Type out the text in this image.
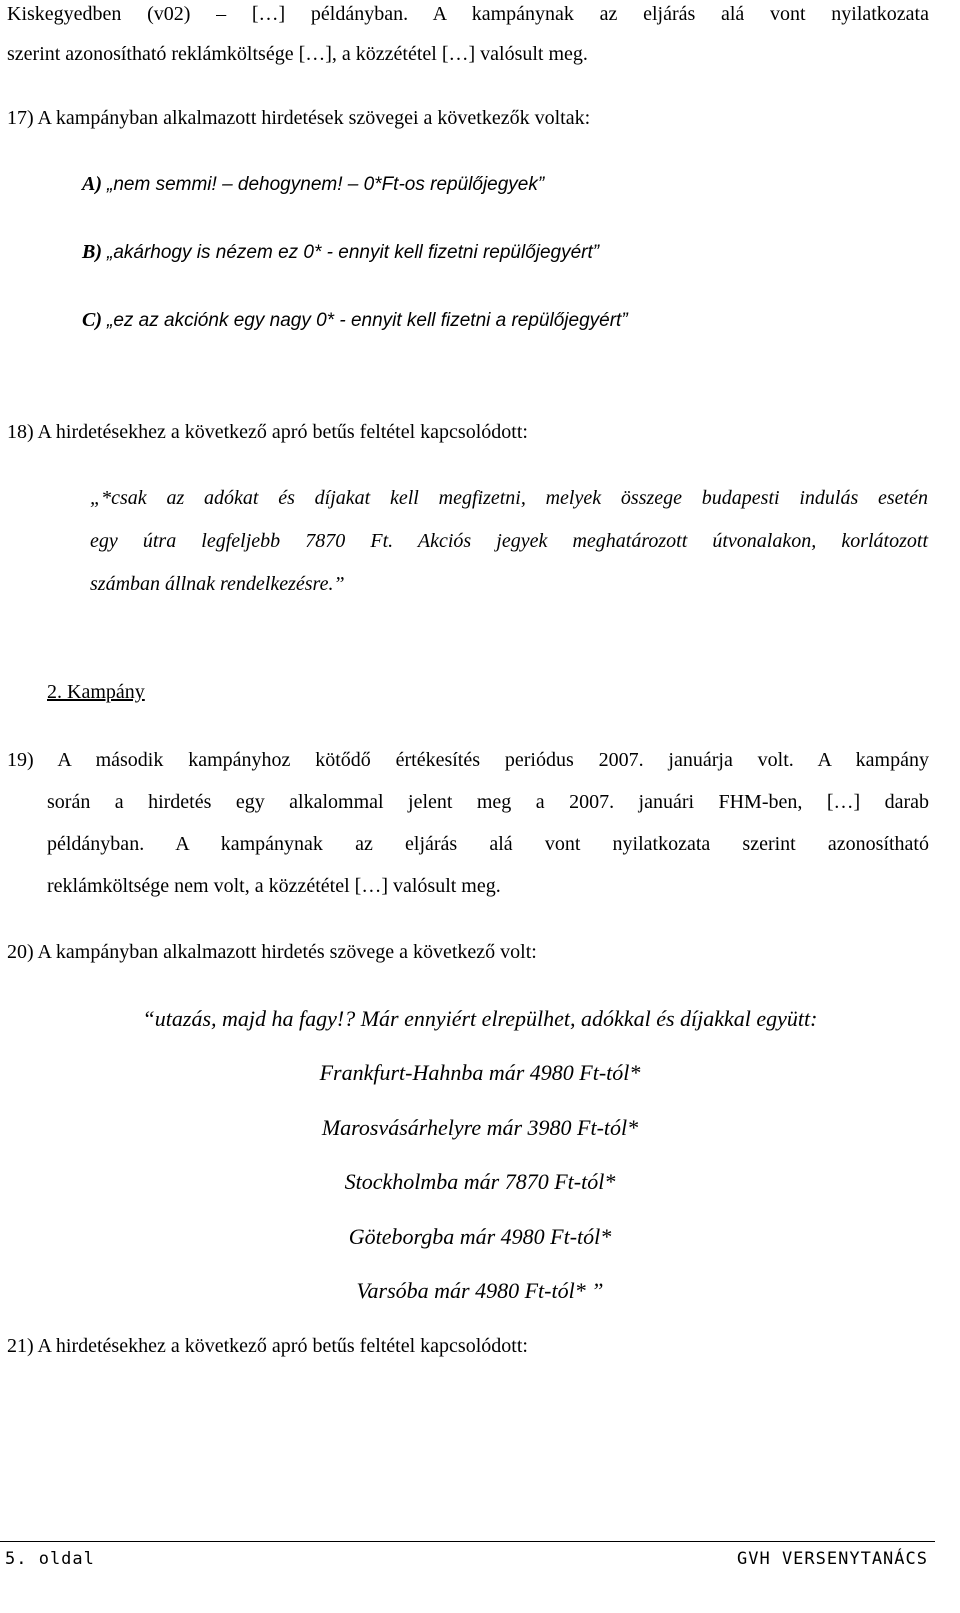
Kiskegyedben (v02) – […] példányban. A kampánynak az eljárás alá vont nyilatkozata
szerint azonosítható reklámköltsége […], a közzététel […] valósult meg.
17) A kampányban alkalmazott hirdetések szövegei a következők voltak:
A) „nem semmi! – dehogynem! – 0*Ft-os repülőjegyek”
B) „akárhogy is nézem ez 0* - ennyit kell fizetni repülőjegyért”
C) „ez az akciónk egy nagy 0* - ennyit kell fizetni a repülőjegyért”
18) A hirdetésekhez a következő apró betűs feltétel kapcsolódott:
„*csak az adókat és díjakat kell megfizetni, melyek összege budapesti indulás esetén
egy útra legfeljebb 7870 Ft. Akciós jegyek meghatározott útvonalakon, korlátozott
számban állnak rendelkezésre.”
2. Kampány
19) A második kampányhoz kötődő értékesítés periódus 2007. januárja volt. A kampány
során a hirdetés egy alkalommal jelent meg a 2007. januári FHM-ben, […] darab
példányban. A kampánynak az eljárás alá vont nyilatkozata szerint azonosítható
reklámköltsége nem volt, a közzététel […] valósult meg.
20) A kampányban alkalmazott hirdetés szövege a következő volt:
“utazás, majd ha fagy!? Már ennyiért elrepülhet, adókkal és díjakkal együtt:
Frankfurt-Hahnba már 4980 Ft-tól*
Marosvásárhelyre már 3980 Ft-tól*
Stockholmba már 7870 Ft-tól*
Göteborgba már 4980 Ft-tól*
Varsóba már 4980 Ft-tól* ”
21) A hirdetésekhez a következő apró betűs feltétel kapcsolódott:
5. oldal	GVH VERSENYTANÁCS
